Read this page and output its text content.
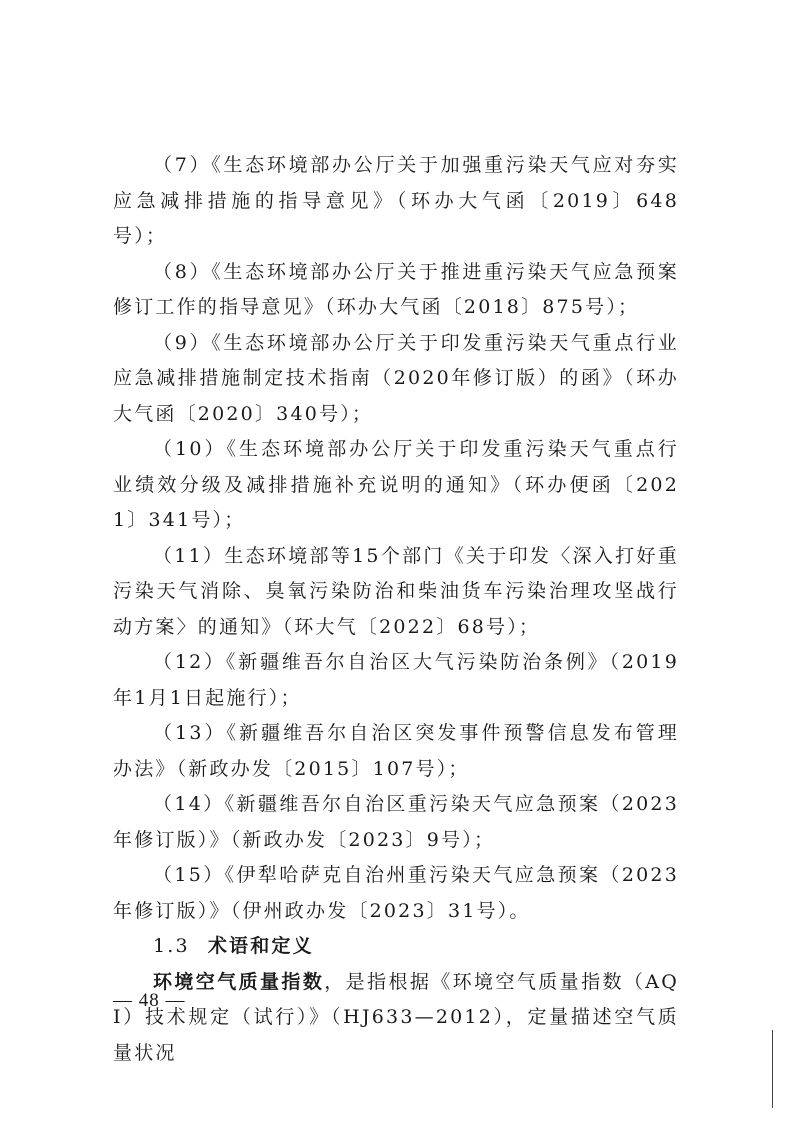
（7）《生态环境部办公厅关于加强重污染天气应对夯实应急减排措施的指导意见》（环办大气函〔2019〕648号）；

（8）《生态环境部办公厅关于推进重污染天气应急预案修订工作的指导意见》（环办大气函〔2018〕875号）；

（9）《生态环境部办公厅关于印发重污染天气重点行业应急减排措施制定技术指南（2020年修订版）的函》（环办大气函〔2020〕340号）；

（10）《生态环境部办公厅关于印发重污染天气重点行业绩效分级及减排措施补充说明的通知》（环办便函〔2021〕341号）；

（11）生态环境部等15个部门《关于印发〈深入打好重污染天气消除、臭氧污染防治和柴油货车污染治理攻坚战行动方案〉的通知》（环大气〔2022〕68号）；

（12）《新疆维吾尔自治区大气污染防治条例》（2019年1月1日起施行）；

（13）《新疆维吾尔自治区突发事件预警信息发布管理办法》（新政办发〔2015〕107号）；

（14）《新疆维吾尔自治区重污染天气应急预案（2023年修订版）》（新政办发〔2023〕9号）；

（15）《伊犁哈萨克自治州重污染天气应急预案（2023年修订版）》（伊州政办发〔2023〕31号）。

1.3 术语和定义

环境空气质量指数，是指根据《环境空气质量指数（AQI）技术规定（试行）》（HJ633—2012），定量描述空气质量状况

— 48 —
